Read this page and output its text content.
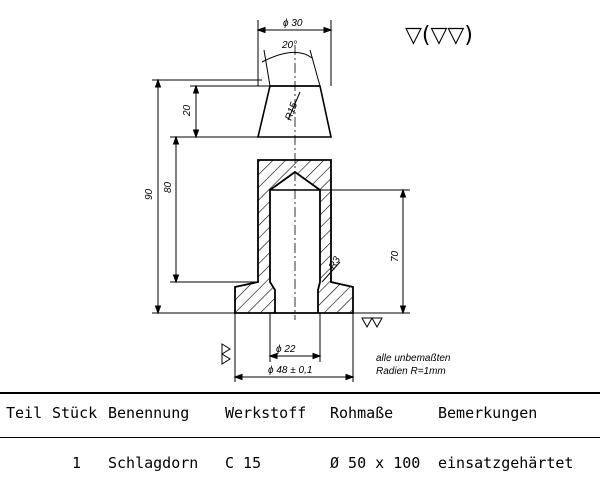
▽(▽▽)
ϕ 30
20°
R15
20
90
80
70
R3
ϕ 22
ϕ 48 ± 0,1
alle unbemaßten
Radien R=1mm
Teil Stück Benennung Werkstoff Rohmaße	Bemerkungen
1 Schlagdorn C 15	Ø 50 x 100 einsatzgehärtet
